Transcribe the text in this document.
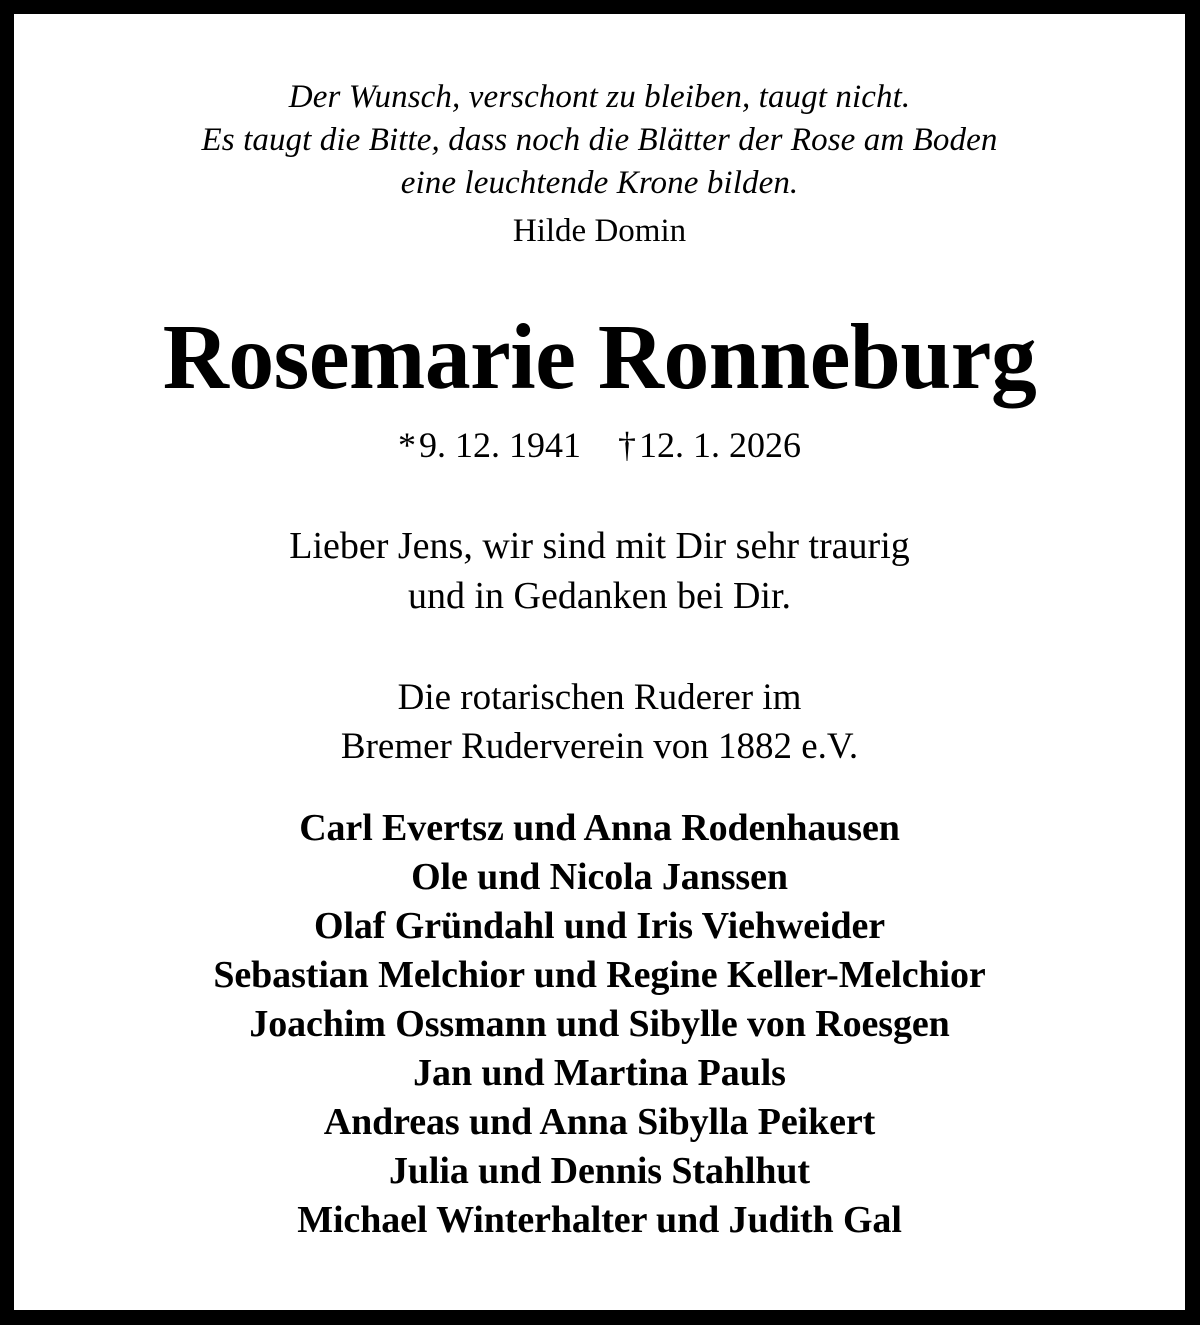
Der Wunsch, verschont zu bleiben, taugt nicht.
Es taugt die Bitte, dass noch die Blätter der Rose am Boden
eine leuchtende Krone bilden.
Hilde Domin
Rosemarie Ronneburg
*9. 12. 1941 †12. 1. 2026
Lieber Jens, wir sind mit Dir sehr traurig
und in Gedanken bei Dir.
Die rotarischen Ruderer im
Bremer Ruderverein von 1882 e.V.
Carl Evertsz und Anna Rodenhausen
Ole und Nicola Janssen
Olaf Gründahl und Iris Viehweider
Sebastian Melchior und Regine Keller-Melchior
Joachim Ossmann und Sibylle von Roesgen
Jan und Martina Pauls
Andreas und Anna Sibylla Peikert
Julia und Dennis Stahlhut
Michael Winterhalter und Judith Gal
